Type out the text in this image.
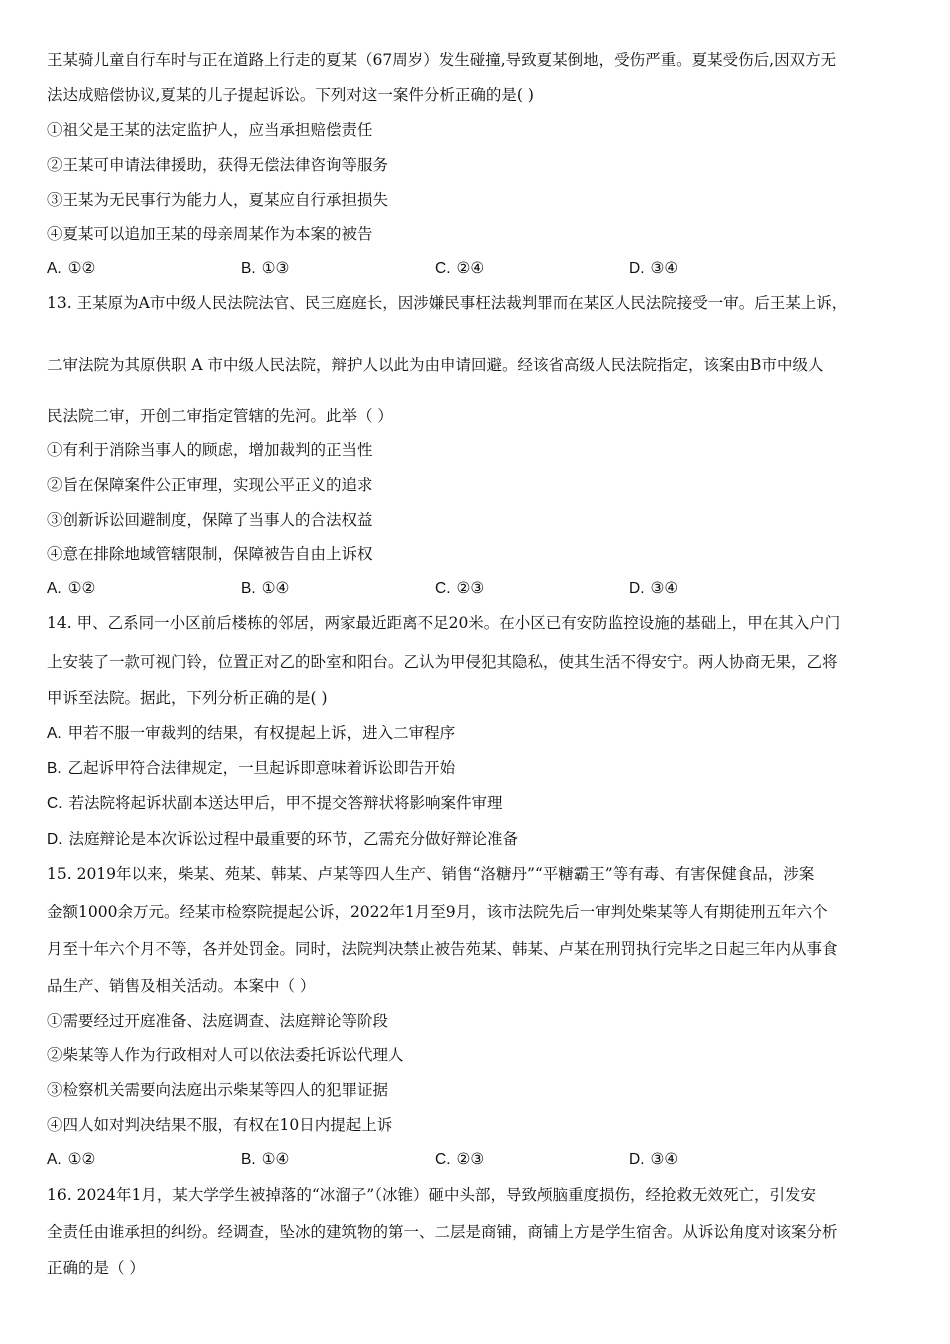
王某骑儿童自行车时与正在道路上行走的夏某（67周岁）发生碰撞,导致夏某倒地，受伤严重。夏某受伤后,因双方无
法达成赔偿协议,夏某的儿子提起诉讼。下列对这一案件分析正确的是( )
①祖父是王某的法定监护人，应当承担赔偿责任
②王某可申请法律援助，获得无偿法律咨询等服务
③王某为无民事行为能力人，夏某应自行承担损失
④夏某可以追加王某的母亲周某作为本案的被告
A. ①②	B. ①③	C. ②④	D. ③④
13. 王某原为A市中级人民法院法官、民三庭庭长，因涉嫌民事枉法裁判罪而在某区人民法院接受一审。后王某上诉，
二审法院为其原供职 A 市中级人民法院，辩护人以此为由申请回避。经该省高级人民法院指定，该案由B市中级人
民法院二审，开创二审指定管辖的先河。此举（ ）
①有利于消除当事人的顾虑，增加裁判的正当性
②旨在保障案件公正审理，实现公平正义的追求
③创新诉讼回避制度，保障了当事人的合法权益
④意在排除地域管辖限制，保障被告自由上诉权
A. ①②	B. ①④	C. ②③	D. ③④
14. 甲、乙系同一小区前后楼栋的邻居，两家最近距离不足20米。在小区已有安防监控设施的基础上，甲在其入户门
上安装了一款可视门铃，位置正对乙的卧室和阳台。乙认为甲侵犯其隐私，使其生活不得安宁。两人协商无果，乙将
甲诉至法院。据此，下列分析正确的是( )
A. 甲若不服一审裁判的结果，有权提起上诉，进入二审程序
B. 乙起诉甲符合法律规定，一旦起诉即意味着诉讼即告开始
C. 若法院将起诉状副本送达甲后，甲不提交答辩状将影响案件审理
D. 法庭辩论是本次诉讼过程中最重要的环节，乙需充分做好辩论准备
15. 2019年以来，柴某、苑某、韩某、卢某等四人生产、销售“洛糖丹”“平糖霸王”等有毒、有害保健食品，涉案
金额1000余万元。经某市检察院提起公诉，2022年1月至9月，该市法院先后一审判处柴某等人有期徒刑五年六个
月至十年六个月不等，各并处罚金。同时，法院判决禁止被告苑某、韩某、卢某在刑罚执行完毕之日起三年内从事食
品生产、销售及相关活动。本案中（ ）
①需要经过开庭准备、法庭调查、法庭辩论等阶段
②柴某等人作为行政相对人可以依法委托诉讼代理人
③检察机关需要向法庭出示柴某等四人的犯罪证据
④四人如对判决结果不服，有权在10日内提起上诉
A. ①②	B. ①④	C. ②③	D. ③④
16. 2024年1月，某大学学生被掉落的“冰溜子”（冰锥）砸中头部，导致颅脑重度损伤，经抢救无效死亡，引发安
全责任由谁承担的纠纷。经调查，坠冰的建筑物的第一、二层是商铺，商铺上方是学生宿舍。从诉讼角度对该案分析
正确的是（ ）
